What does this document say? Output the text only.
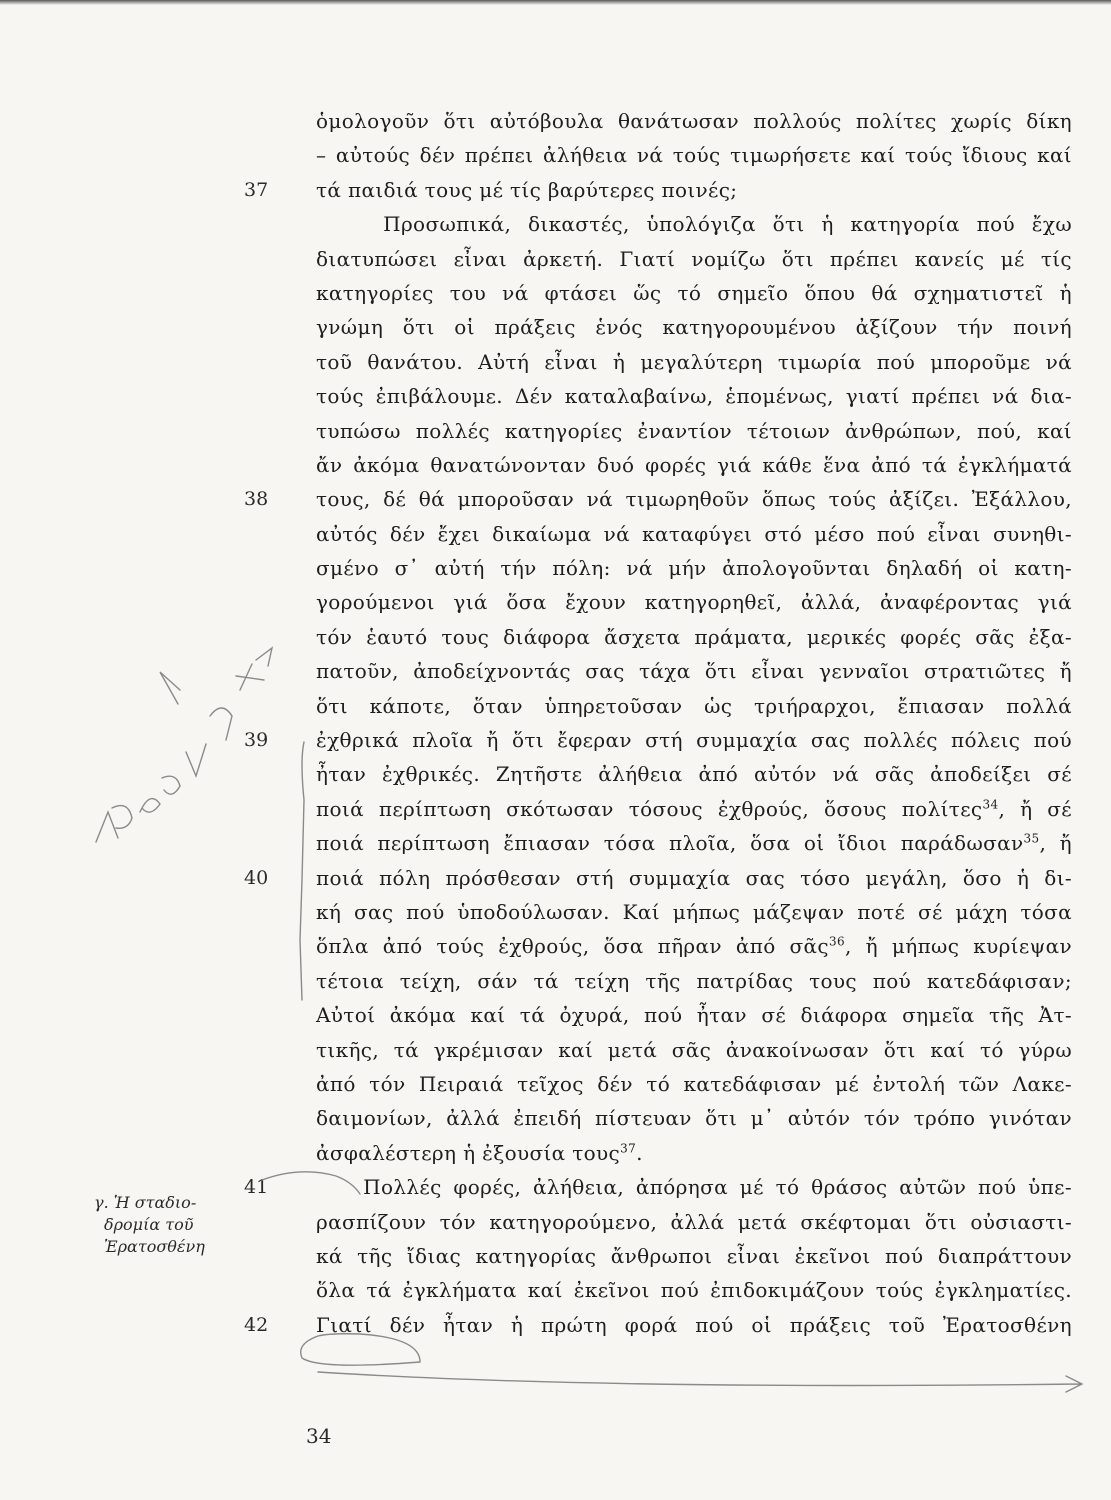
ὁμολογοῦν ὅτι αὐτόβουλα θανάτωσαν πολλούς πολίτες χωρίς δίκη
– αὐτούς δέν πρέπει ἀλήθεια νά τούς τιμωρήσετε καί τούς ἴδιους καί
τά παιδιά τους μέ τίς βαρύτερες ποινές;
Προσωπικά, δικαστές, ὑπολόγιζα ὅτι ἡ κατηγορία πού ἔχω
διατυπώσει εἶναι ἀρκετή. Γιατί νομίζω ὅτι πρέπει κανείς μέ τίς
κατηγορίες του νά φτάσει ὥς τό σημεῖο ὅπου θά σχηματιστεῖ ἡ
γνώμη ὅτι οἱ πράξεις ἑνός κατηγορουμένου ἀξίζουν τήν ποινή
τοῦ θανάτου. Αὐτή εἶναι ἡ μεγαλύτερη τιμωρία πού μποροῦμε νά
τούς ἐπιβάλουμε. Δέν καταλαβαίνω, ἑπομένως, γιατί πρέπει νά δια-
τυπώσω πολλές κατηγορίες ἐναντίον τέτοιων ἀνθρώπων, πού, καί
ἄν ἀκόμα θανατώνονταν δυό φορές γιά κάθε ἕνα ἀπό τά ἐγκλήματά
τους, δέ θά μποροῦσαν νά τιμωρηθοῦν ὅπως τούς ἀξίζει. Ἐξάλλου,
αὐτός δέν ἔχει δικαίωμα νά καταφύγει στό μέσο πού εἶναι συνηθι-
σμένο σ᾽ αὐτή τήν πόλη: νά μήν ἀπολογοῦνται δηλαδή οἱ κατη-
γορούμενοι γιά ὅσα ἔχουν κατηγορηθεῖ, ἀλλά, ἀναφέροντας γιά
τόν ἑαυτό τους διάφορα ἄσχετα πράματα, μερικές φορές σᾶς ἐξα-
πατοῦν, ἀποδείχνοντάς σας τάχα ὅτι εἶναι γενναῖοι στρατιῶτες ἤ
ὅτι κάποτε, ὅταν ὑπηρετοῦσαν ὡς τριήραρχοι, ἔπιασαν πολλά
ἐχθρικά πλοῖα ἤ ὅτι ἔφεραν στή συμμαχία σας πολλές πόλεις πού
ἦταν ἐχθρικές. Ζητῆστε ἀλήθεια ἀπό αὐτόν νά σᾶς ἀποδείξει σέ
ποιά περίπτωση σκότωσαν τόσους ἐχθρούς, ὅσους πολίτες$^{34}$, ἤ σέ
ποιά περίπτωση ἔπιασαν τόσα πλοῖα, ὅσα οἱ ἴδιοι παράδωσαν$^{35}$, ἤ
ποιά πόλη πρόσθεσαν στή συμμαχία σας τόσο μεγάλη, ὅσο ἡ δι-
κή σας πού ὑποδούλωσαν. Καί μήπως μάζεψαν ποτέ σέ μάχη τόσα
ὅπλα ἀπό τούς ἐχθρούς, ὅσα πῆραν ἀπό σᾶς$^{36}$, ἤ μήπως κυρίεψαν
τέτοια τείχη, σάν τά τείχη τῆς πατρίδας τους πού κατεδάφισαν;
Αὐτοί ἀκόμα καί τά ὀχυρά, πού ἦταν σέ διάφορα σημεῖα τῆς Ἀτ-
τικῆς, τά γκρέμισαν καί μετά σᾶς ἀνακοίνωσαν ὅτι καί τό γύρω
ἀπό τόν Πειραιά τεῖχος δέν τό κατεδάφισαν μέ ἐντολή τῶν Λακε-
δαιμονίων, ἀλλά ἐπειδή πίστευαν ὅτι μ᾽ αὐτόν τόν τρόπο γινόταν
ἀσφαλέστερη ἡ ἐξουσία τους$^{37}$.
Πολλές φορές, ἀλήθεια, ἀπόρησα μέ τό θράσος αὐτῶν πού ὑπε-
ρασπίζουν τόν κατηγορούμενο, ἀλλά μετά σκέφτομαι ὅτι οὐσιαστι-
κά τῆς ἴδιας κατηγορίας ἄνθρωποι εἶναι ἐκεῖνοι πού διαπράττουν
ὅλα τά ἐγκλήματα καί ἐκεῖνοι πού ἐπιδοκιμάζουν τούς ἐγκληματίες.
Γιατί δέν ἦταν ἡ πρώτη φορά πού οἱ πράξεις τοῦ Ἐρατοσθένη
37
38
39
40
41
42
γ. Ἡ σταδιο-
δρομία τοῦ
Ἐρατοσθένη
34
